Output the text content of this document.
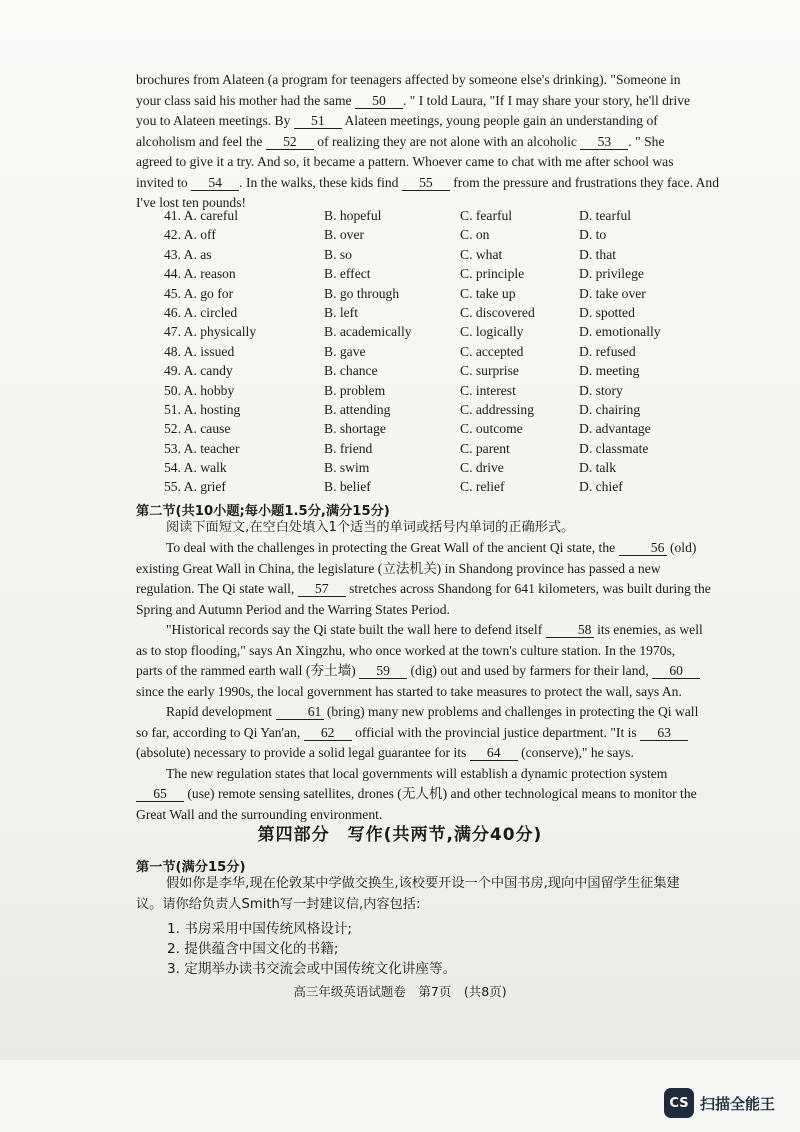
brochures from Alateen (a program for teenagers affected by someone else's drinking). "Someone in
your class said his mother had the same 50 . " I told Laura, "If I may share your story, he'll drive
you to Alateen meetings. By 51 Alateen meetings, young people gain an understanding of
alcoholism and feel the 52 of realizing they are not alone with an alcoholic 53 . " She
agreed to give it a try. And so, it became a pattern. Whoever came to chat with me after school was
invited to 54 . In the walks, these kids find 55 from the pressure and frustrations they face. And
I've lost ten pounds!
41. A. careful	B. hopeful	C. fearful	D. tearful
42. A. off	B. over	C. on	D. to
43. A. as	B. so	C. what	D. that
44. A. reason	B. effect	C. principle	D. privilege
45. A. go for	B. go through	C. take up	D. take over
46. A. circled	B. left	C. discovered	D. spotted
47. A. physically	B. academically	C. logically	D. emotionally
48. A. issued	B. gave	C. accepted	D. refused
49. A. candy	B. chance	C. surprise	D. meeting
50. A. hobby	B. problem	C. interest	D. story
51. A. hosting	B. attending	C. addressing	D. chairing
52. A. cause	B. shortage	C. outcome	D. advantage
53. A. teacher	B. friend	C. parent	D. classmate
54. A. walk	B. swim	C. drive	D. talk
55. A. grief	B. belief	C. relief	D. chief
第二节(共10小题;每小题1.5分,满分15分)
阅读下面短文,在空白处填入1个适当的单词或括号内单词的正确形式。
To deal with the challenges in protecting the Great Wall of the ancient Qi state, the	56 (old)
existing Great Wall in China, the legislature (立法机关) in Shandong province has passed a new
regulation. The Qi state wall, 57 stretches across Shandong for 641 kilometers, was built during the
Spring and Autumn Period and the Warring States Period.
"Historical records say the Qi state built the wall here to defend itself	58 its enemies, as well
as to stop flooding," says An Xingzhu, who once worked at the town's culture station. In the 1970s,
parts of the rammed earth wall (夯土墙) 59 (dig) out and used by farmers for their land, 60
since the early 1990s, the local government has started to take measures to protect the wall, says An.
Rapid development	61 (bring) many new problems and challenges in protecting the Qi wall
so far, according to Qi Yan'an, 62 official with the provincial justice department. "It is 63
(absolute) necessary to provide a solid legal guarantee for its 64 (conserve)," he says.
The new regulation states that local governments will establish a dynamic protection system
65 (use) remote sensing satellites, drones (无人机) and other technological means to monitor the
Great Wall and the surrounding environment.
第四部分　写作(共两节,满分40分)
第一节(满分15分)
假如你是李华,现在伦敦某中学做交换生,该校要开设一个中国书房,现向中国留学生征集建
议。请你给负责人Smith写一封建议信,内容包括:
1. 书房采用中国传统风格设计;
2. 提供蕴含中国文化的书籍;
3. 定期举办读书交流会或中国传统文化讲座等。
高三年级英语试题卷　第7页　(共8页)
CS 扫描全能王
